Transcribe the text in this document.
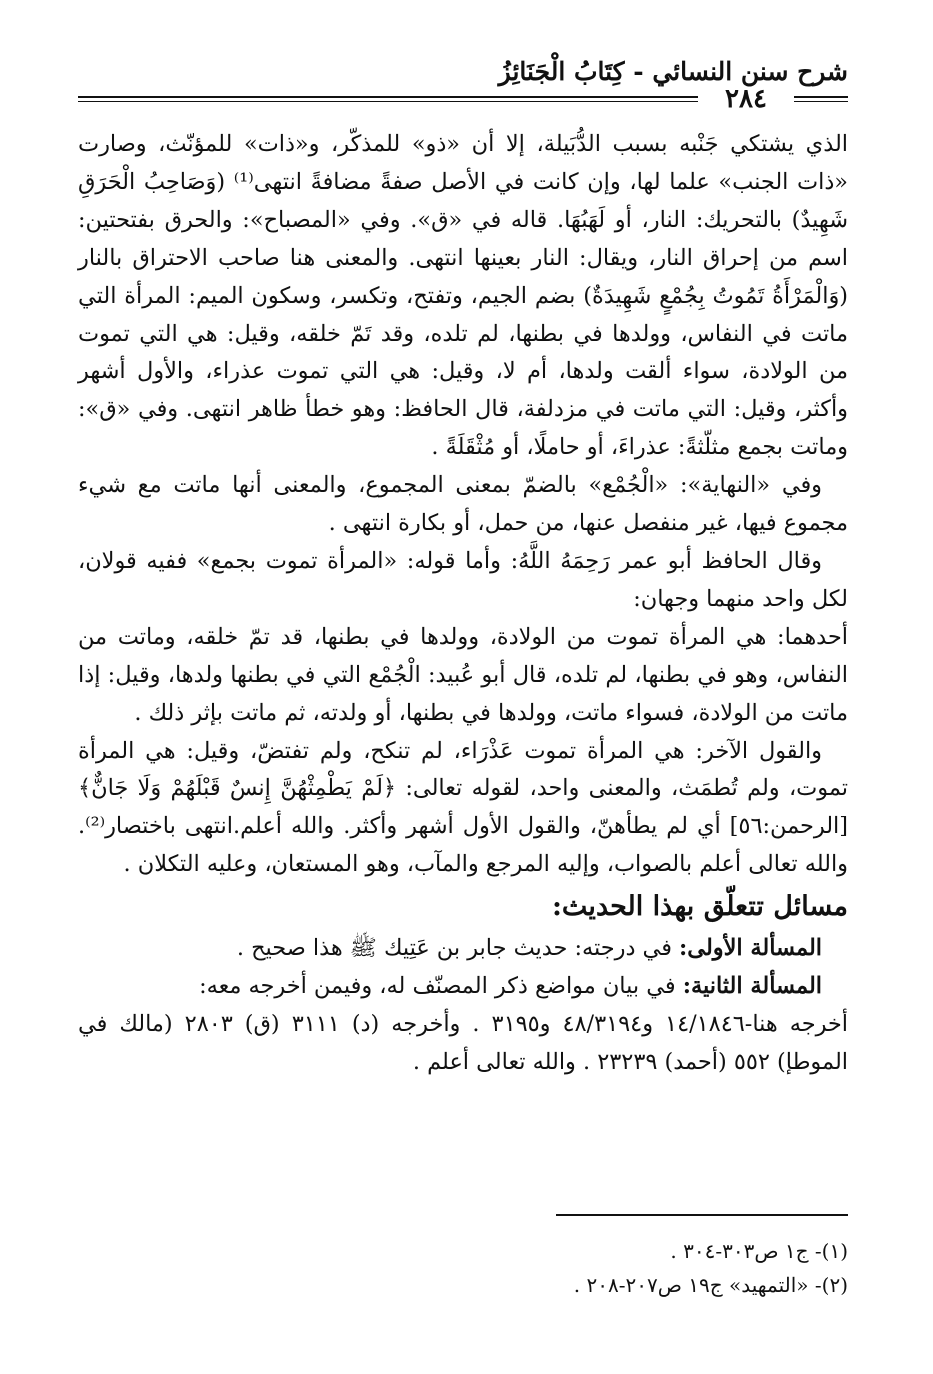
شرح سنن النسائي - كِتَابُ الْجَنَائِزُ
٢٨٤

الذي يشتكي جَنْبه بسبب الدُّبَيلة، إلا أن «ذو» للمذكّر، و«ذات» للمؤنّث، وصارت «ذات الجنب» علما لها، وإن كانت في الأصل صفةً مضافةً انتهى⁽¹⁾ (وَصَاحِبُ الْحَرَقِ شَهِيدٌ) بالتحريك: النار، أو لَهَبُهَا. قاله في «ق». وفي «المصباح»: والحرق بفتحتين: اسم من إحراق النار، ويقال: النار بعينها انتهى. والمعنى هنا صاحب الاحتراق بالنار (وَالْمَرْأَةُ تَمُوتُ بِجُمْعٍ شَهِيدَةٌ) بضم الجيم، وتفتح، وتكسر، وسكون الميم: المرأة التي ماتت في النفاس، وولدها في بطنها، لم تلده، وقد تَمّ خلقه، وقيل: هي التي تموت من الولادة، سواء ألقت ولدها، أم لا، وقيل: هي التي تموت عذراء، والأول أشهر وأكثر، وقيل: التي ماتت في مزدلفة، قال الحافظ: وهو خطأ ظاهر انتهى. وفي «ق»: وماتت بجمع مثلّثةً: عذراءَ، أو حاملًا، أو مُثْقَلَةً .

وفي «النهاية»: «الْجُمْع» بالضمّ بمعنى المجموع، والمعنى أنها ماتت مع شيء مجموع فيها، غير منفصل عنها، من حمل، أو بكارة انتهى .

وقال الحافظ أبو عمر رَحِمَهُ اللَّهُ: وأما قوله: «المرأة تموت بجمع» ففيه قولان، لكل واحد منهما وجهان:

أحدهما: هي المرأة تموت من الولادة، وولدها في بطنها، قد تمّ خلقه، وماتت من النفاس، وهو في بطنها، لم تلده، قال أبو عُبيد: الْجُمْع التي في بطنها ولدها، وقيل: إذا ماتت من الولادة، فسواء ماتت، وولدها في بطنها، أو ولدته، ثم ماتت بإثر ذلك .

والقول الآخر: هي المرأة تموت عَذْرَاء، لم تنكح، ولم تفتضّ، وقيل: هي المرأة تموت، ولم تُطمَث، والمعنى واحد، لقوله تعالى: ﴿لَمْ يَطْمِثْهُنَّ إِنسٌ قَبْلَهُمْ وَلَا جَانٌّ﴾ [الرحمن:٥٦] أي لم يطأهنّ، والقول الأول أشهر وأكثر. والله أعلم.انتهى باختصار⁽²⁾. والله تعالى أعلم بالصواب، وإليه المرجع والمآب، وهو المستعان، وعليه التكلان .

مسائل تتعلّق بهذا الحديث:

المسألة الأولى: في درجته: حديث جابر بن عَتِيك ﷺ هذا صحيح .

المسألة الثانية: في بيان مواضع ذكر المصنّف له، وفيمن أخرجه معه:

أخرجه هنا-١٤/١٨٤٦ و٤٨/٣١٩٤ و٣١٩٥ . وأخرجه (د) ٣١١١ (ق) ٢٨٠٣ (مالك في الموطإ) ٥٥٢ (أحمد) ٢٣٢٣٩ . والله تعالى أعلم .

(١)- ج١ ص٣٠٣-٣٠٤ .
(٢)- «التمهيد» ج١٩ ص٢٠٧-٢٠٨ .
